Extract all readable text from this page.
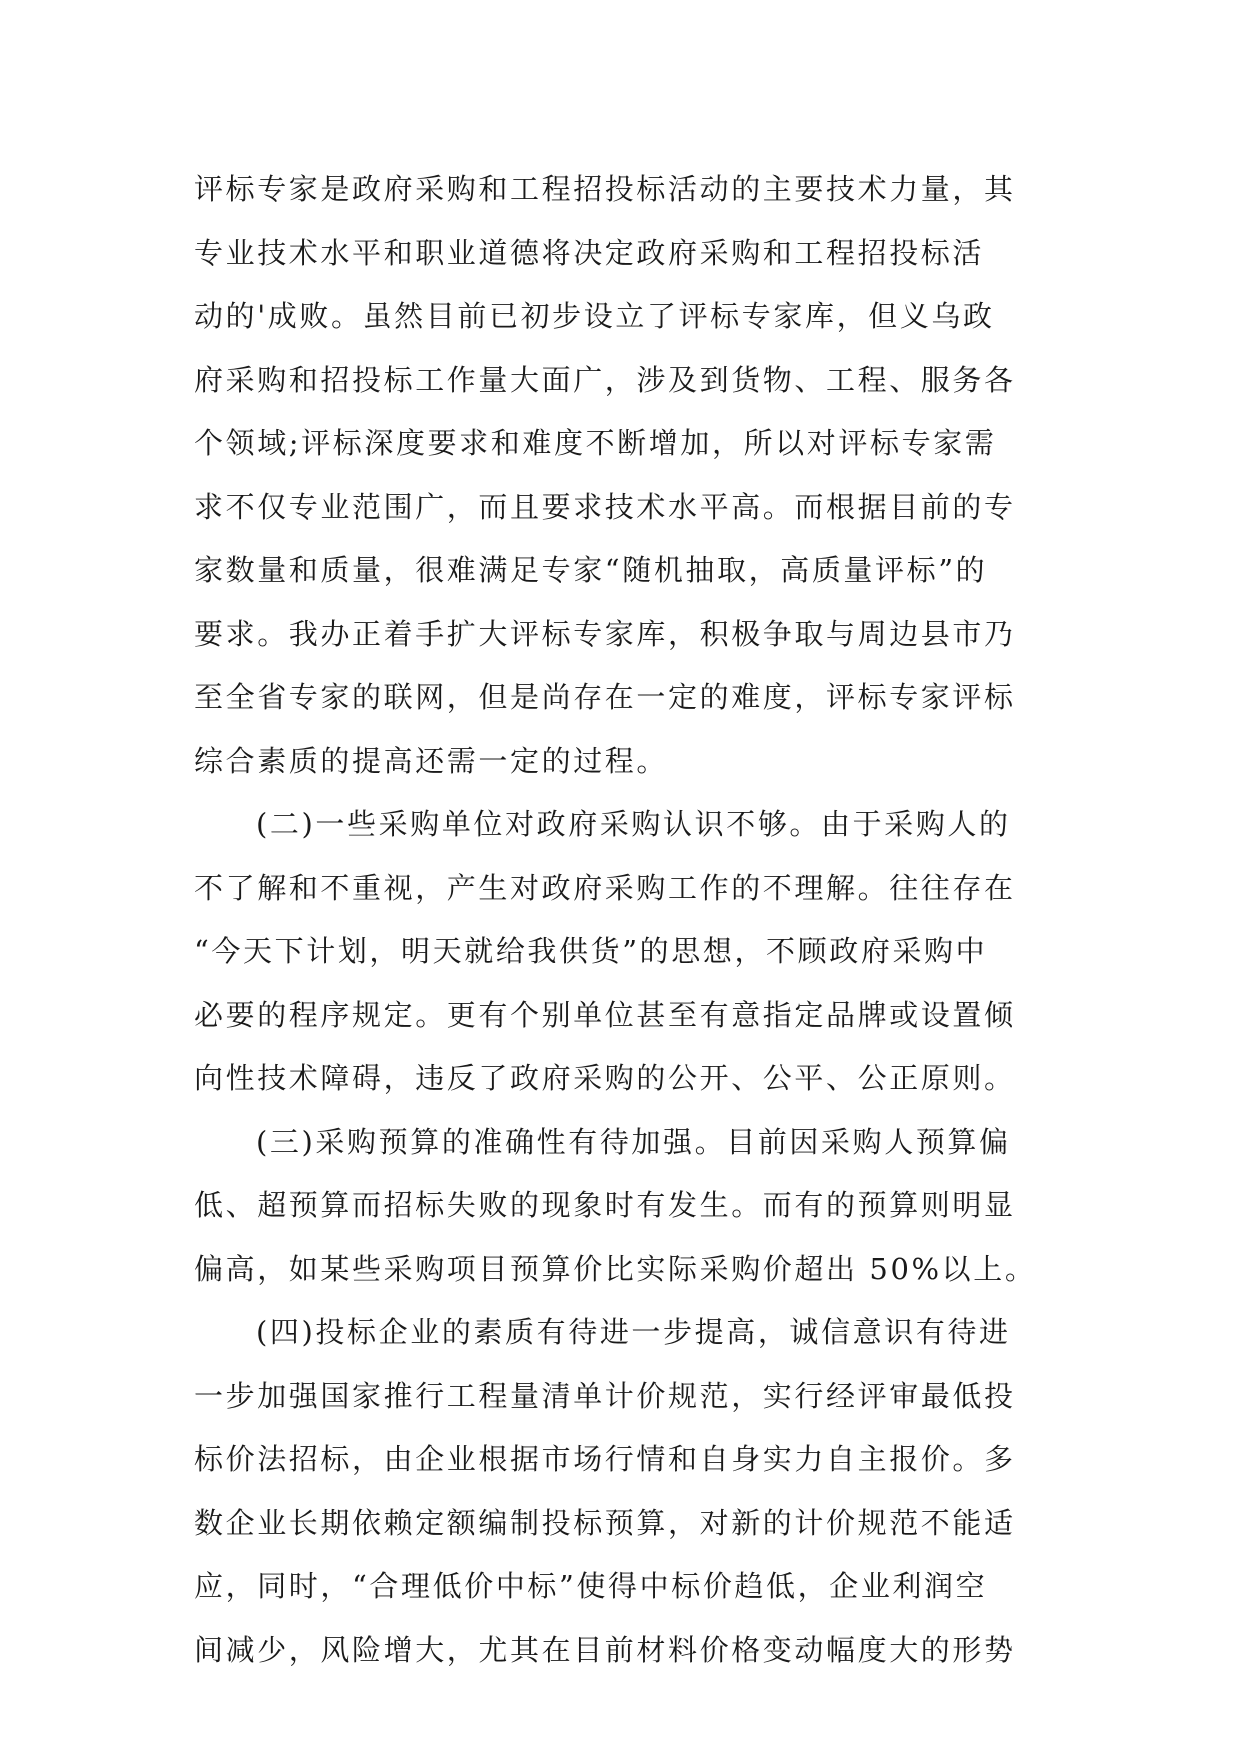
评标专家是政府采购和工程招投标活动的主要技术力量，其
专业技术水平和职业道德将决定政府采购和工程招投标活
动的'成败。虽然目前已初步设立了评标专家库，但义乌政
府采购和招投标工作量大面广，涉及到货物、工程、服务各
个领域;评标深度要求和难度不断增加，所以对评标专家需
求不仅专业范围广，而且要求技术水平高。而根据目前的专
家数量和质量，很难满足专家“随机抽取，高质量评标”的
要求。我办正着手扩大评标专家库，积极争取与周边县市乃
至全省专家的联网，但是尚存在一定的难度，评标专家评标
综合素质的提高还需一定的过程。
(二)一些采购单位对政府采购认识不够。由于采购人的
不了解和不重视，产生对政府采购工作的不理解。往往存在
“今天下计划，明天就给我供货”的思想，不顾政府采购中
必要的程序规定。更有个别单位甚至有意指定品牌或设置倾
向性技术障碍，违反了政府采购的公开、公平、公正原则。
(三)采购预算的准确性有待加强。目前因采购人预算偏
低、超预算而招标失败的现象时有发生。而有的预算则明显
偏高，如某些采购项目预算价比实际采购价超出 50%以上。
(四)投标企业的素质有待进一步提高，诚信意识有待进
一步加强国家推行工程量清单计价规范，实行经评审最低投
标价法招标，由企业根据市场行情和自身实力自主报价。多
数企业长期依赖定额编制投标预算，对新的计价规范不能适
应，同时，“合理低价中标”使得中标价趋低，企业利润空
间减少，风险增大，尤其在目前材料价格变动幅度大的形势
